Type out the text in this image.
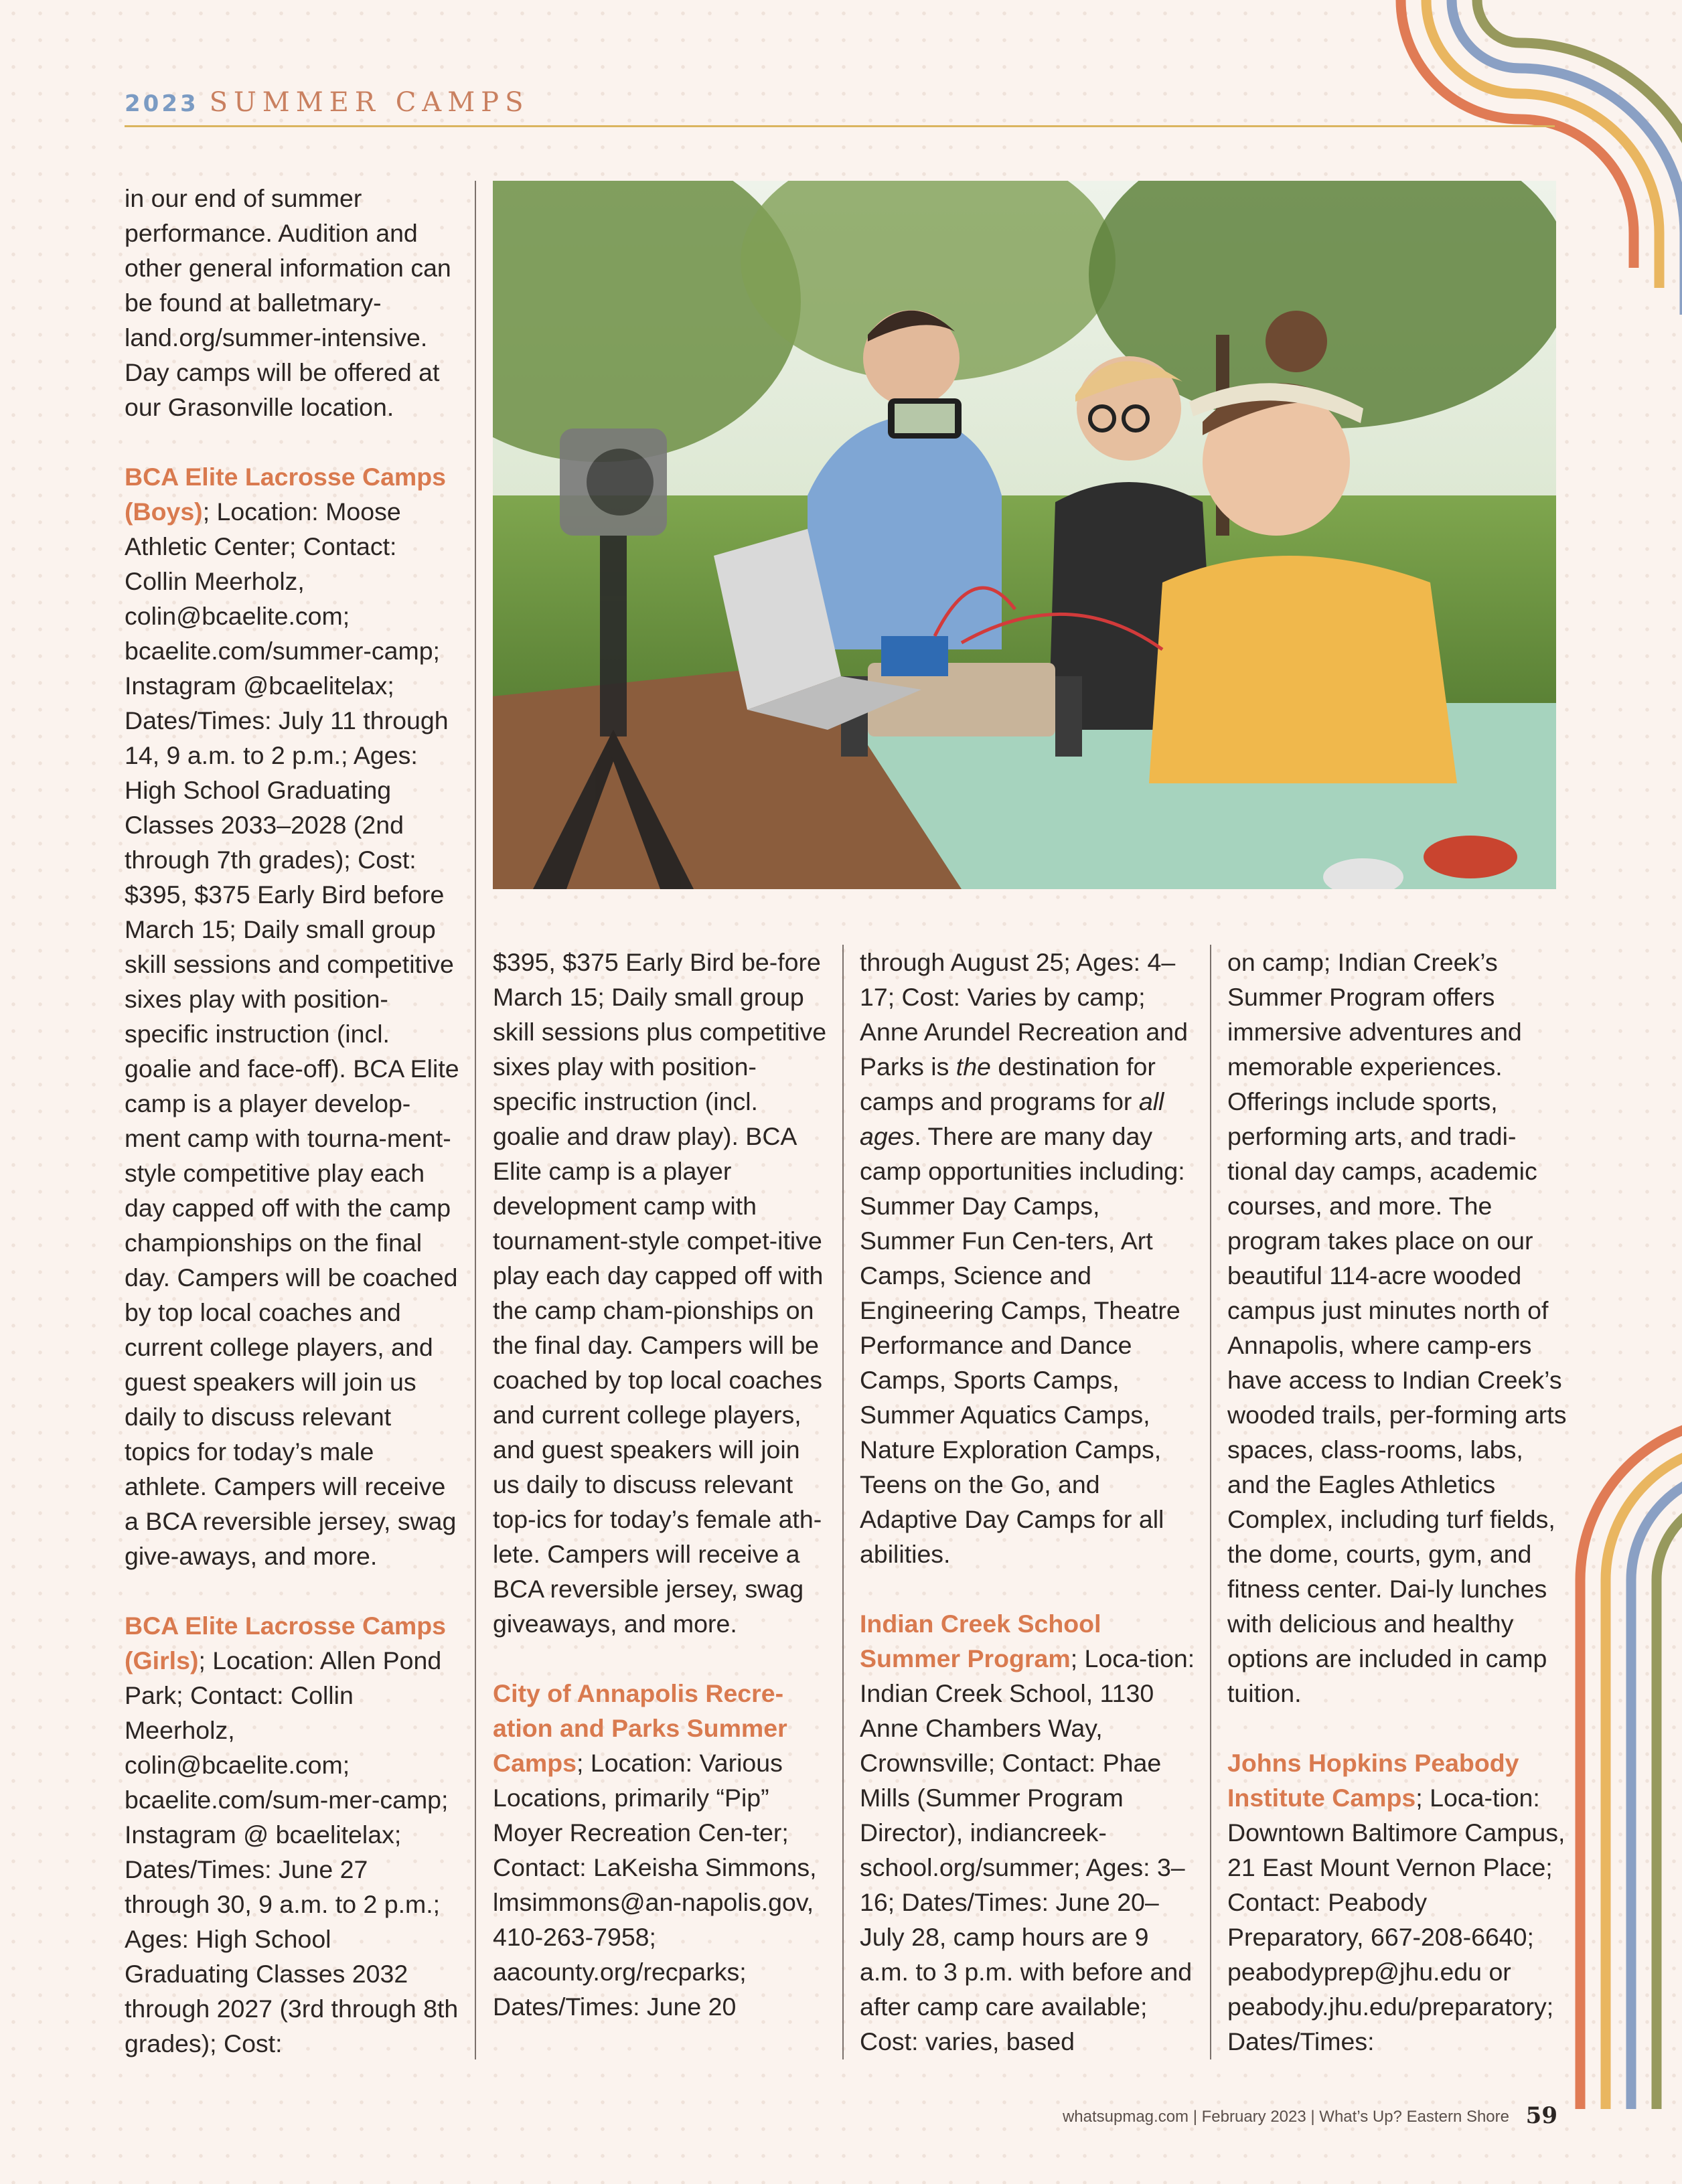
2023 SUMMER CAMPS

in our end of summer performance. Audition and other general information can be found at balletmary-land.org/summer-intensive. Day camps will be offered at our Grasonville location.

BCA Elite Lacrosse Camps (Boys); Location: Moose Athletic Center; Contact: Collin Meerholz, colin@bcaelite.com; bcaelite.com/summer-camp; Instagram @bcaelitelax; Dates/Times: July 11 through 14, 9 a.m. to 2 p.m.; Ages: High School Graduating Classes 2033–2028 (2nd through 7th grades); Cost: $395, $375 Early Bird before March 15; Daily small group skill sessions and competitive sixes play with position-specific instruction (incl. goalie and face-off). BCA Elite camp is a player develop-ment camp with tourna-ment-style competitive play each day capped off with the camp championships on the final day. Campers will be coached by top local coaches and current college players, and guest speakers will join us daily to discuss relevant topics for today’s male athlete. Campers will receive a BCA reversible jersey, swag give-aways, and more.

BCA Elite Lacrosse Camps (Girls); Location: Allen Pond Park; Contact: Collin Meerholz, colin@bcaelite.com; bcaelite.com/sum-mer-camp; Instagram @ bcaelitelax; Dates/Times: June 27 through 30, 9 a.m. to 2 p.m.; Ages: High School Graduating Classes 2032 through 2027 (3rd through 8th grades); Cost:

$395, $375 Early Bird be-fore March 15; Daily small group skill sessions plus competitive sixes play with position-specific instruction (incl. goalie and draw play). BCA Elite camp is a player development camp with tournament-style compet-itive play each day capped off with the camp cham-pionships on the final day. Campers will be coached by top local coaches and current college players, and guest speakers will join us daily to discuss relevant top-ics for today’s female ath-lete. Campers will receive a BCA reversible jersey, swag giveaways, and more.

City of Annapolis Recre-ation and Parks Summer Camps; Location: Various Locations, primarily “Pip” Moyer Recreation Cen-ter; Contact: LaKeisha Simmons, lmsimmons@an-napolis.gov, 410-263-7958; aacounty.org/recparks; Dates/Times: June 20

through August 25; Ages: 4–17; Cost: Varies by camp; Anne Arundel Recreation and Parks is the destination for camps and programs for all ages. There are many day camp opportunities including: Summer Day Camps, Summer Fun Cen-ters, Art Camps, Science and Engineering Camps, Theatre Performance and Dance Camps, Sports Camps, Summer Aquatics Camps, Nature Exploration Camps, Teens on the Go, and Adaptive Day Camps for all abilities.

Indian Creek School Summer Program; Loca-tion: Indian Creek School, 1130 Anne Chambers Way, Crownsville; Contact: Phae Mills (Summer Program Director), indiancreek-school.org/summer; Ages: 3–16; Dates/Times: June 20–July 28, camp hours are 9 a.m. to 3 p.m. with before and after camp care available; Cost: varies, based

on camp; Indian Creek’s Summer Program offers immersive adventures and memorable experiences. Offerings include sports, performing arts, and tradi-tional day camps, academic courses, and more. The program takes place on our beautiful 114-acre wooded campus just minutes north of Annapolis, where camp-ers have access to Indian Creek’s wooded trails, per-forming arts spaces, class-rooms, labs, and the Eagles Athletics Complex, including turf fields, the dome, courts, gym, and fitness center. Dai-ly lunches with delicious and healthy options are included in camp tuition.

Johns Hopkins Peabody Institute Camps; Loca-tion: Downtown Baltimore Campus, 21 East Mount Vernon Place; Contact: Peabody Preparatory, 667-208-6640; peabodyprep@jhu.edu or peabody.jhu.edu/preparatory; Dates/Times:

whatsupmag.com | February 2023 | What’s Up? Eastern Shore 59
